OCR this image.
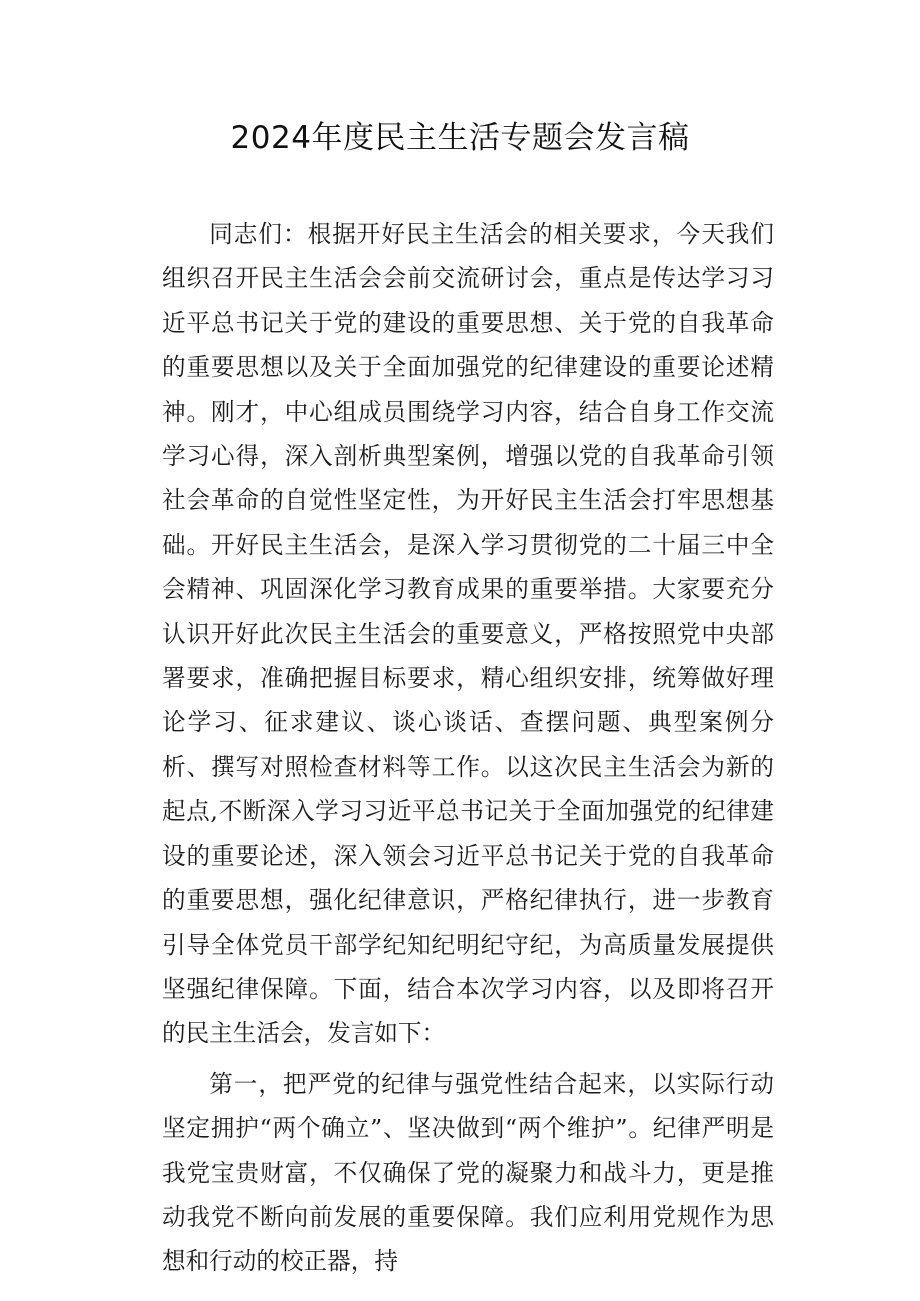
2024年度民主生活专题会发言稿

同志们：根据开好民主生活会的相关要求，今天我们组织召开民主生活会会前交流研讨会，重点是传达学习习近平总书记关于党的建设的重要思想、关于党的自我革命的重要思想以及关于全面加强党的纪律建设的重要论述精神。刚才，中心组成员围绕学习内容，结合自身工作交流学习心得，深入剖析典型案例，增强以党的自我革命引领社会革命的自觉性坚定性，为开好民主生活会打牢思想基础。开好民主生活会，是深入学习贯彻党的二十届三中全会精神、巩固深化学习教育成果的重要举措。大家要充分认识开好此次民主生活会的重要意义，严格按照党中央部署要求，准确把握目标要求，精心组织安排，统筹做好理论学习、征求建议、谈心谈话、查摆问题、典型案例分析、撰写对照检查材料等工作。以这次民主生活会为新的起点,不断深入学习习近平总书记关于全面加强党的纪律建设的重要论述，深入领会习近平总书记关于党的自我革命的重要思想，强化纪律意识，严格纪律执行，进一步教育引导全体党员干部学纪知纪明纪守纪，为高质量发展提供坚强纪律保障。下面，结合本次学习内容，以及即将召开的民主生活会，发言如下：

第一，把严党的纪律与强党性结合起来，以实际行动坚定拥护“两个确立”、坚决做到“两个维护”。纪律严明是我党宝贵财富，不仅确保了党的凝聚力和战斗力，更是推动我党不断向前发展的重要保障。我们应利用党规作为思想和行动的校正器，持
